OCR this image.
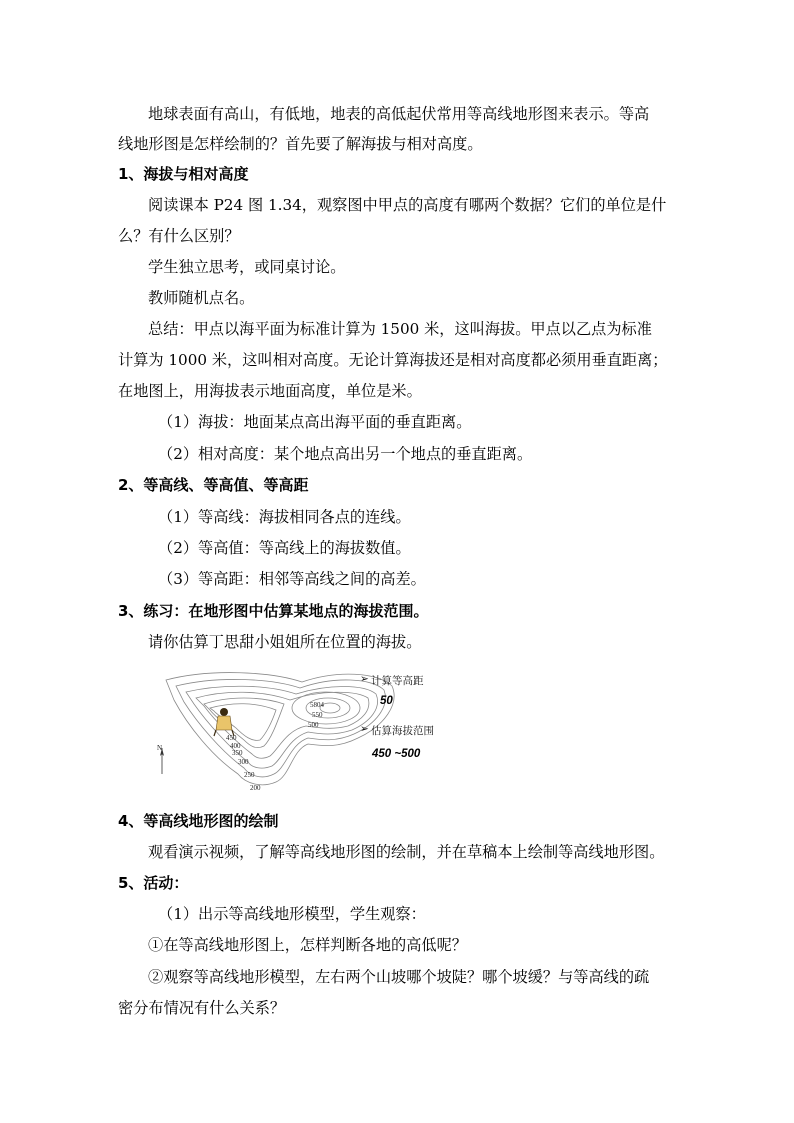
地球表面有高山，有低地，地表的高低起伏常用等高线地形图来表示。等高
线地形图是怎样绘制的？首先要了解海拔与相对高度。
1、海拔与相对高度
阅读课本 P24 图 1.34，观察图中甲点的高度有哪两个数据？它们的单位是什
么？有什么区别？
学生独立思考，或同桌讨论。
教师随机点名。
总结：甲点以海平面为标准计算为 1500 米，这叫海拔。甲点以乙点为标准
计算为 1000 米，这叫相对高度。无论计算海拔还是相对高度都必须用垂直距离；
在地图上，用海拔表示地面高度，单位是米。
（1）海拔：地面某点高出海平面的垂直距离。
（2）相对高度：某个地点高出另一个地点的垂直距离。
2、等高线、等高值、等高距
（1）等高线：海拔相同各点的连线。
（2）等高值：等高线上的海拔数值。
（3）等高距：相邻等高线之间的高差。
3、练习：在地形图中估算某地点的海拔范围。
请你估算丁思甜小姐姐所在位置的海拔。
N
5804
550
500
450
400
350
300
250
200
➢ 计算等高距
50
➢ 估算海拔范围
450 ~500
4、等高线地形图的绘制
观看演示视频，了解等高线地形图的绘制，并在草稿本上绘制等高线地形图。
5、活动：
（1）出示等高线地形模型，学生观察：
①在等高线地形图上，怎样判断各地的高低呢？
②观察等高线地形模型，左右两个山坡哪个坡陡？哪个坡缓？与等高线的疏
密分布情况有什么关系？
